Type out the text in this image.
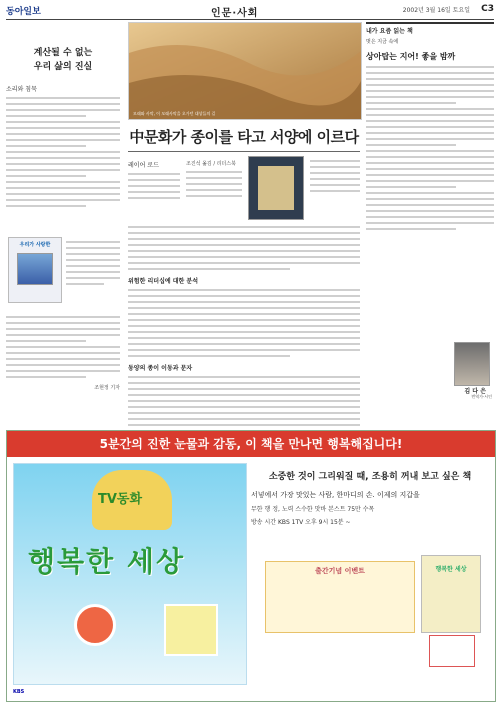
동아일보	인문·사회	2002년 3월 16일 토요일 C3
계산될 수 없는
우리 삶의 진실
소리와 침묵
우리가 사랑한
조현정 기자
모래와 사막, 이 모래사막을 오가던 대상들의 길
中문화가 종이를 타고 서양에 이르다
레이어 로드	조진석 옮김 / 리더스북
위험한 리더십에 대한 분석
동양의 종이 이동과 문자
내가 요즘 읽는 책
벗은 지금 속에
상아탑는 지어! 좋을 밤까
김 다 은
번역가·시인
5분간의 진한 눈물과 감동, 이 책을 만나면 행복해집니다!
TV동화
행복한 세상
소중한 것이 그리워질 때, 조용히 꺼내 보고 싶은 책
서넣에서 가장 맛있는 사람, 한마디의 손. 이제의 지갑을
무한 행 정, 노력 스수한 맛바 본스트 75만 수목
방송 시간 KBS 1TV 오후 9시 15분 ~
출간기념 이벤트	행복한 세상
KBS
